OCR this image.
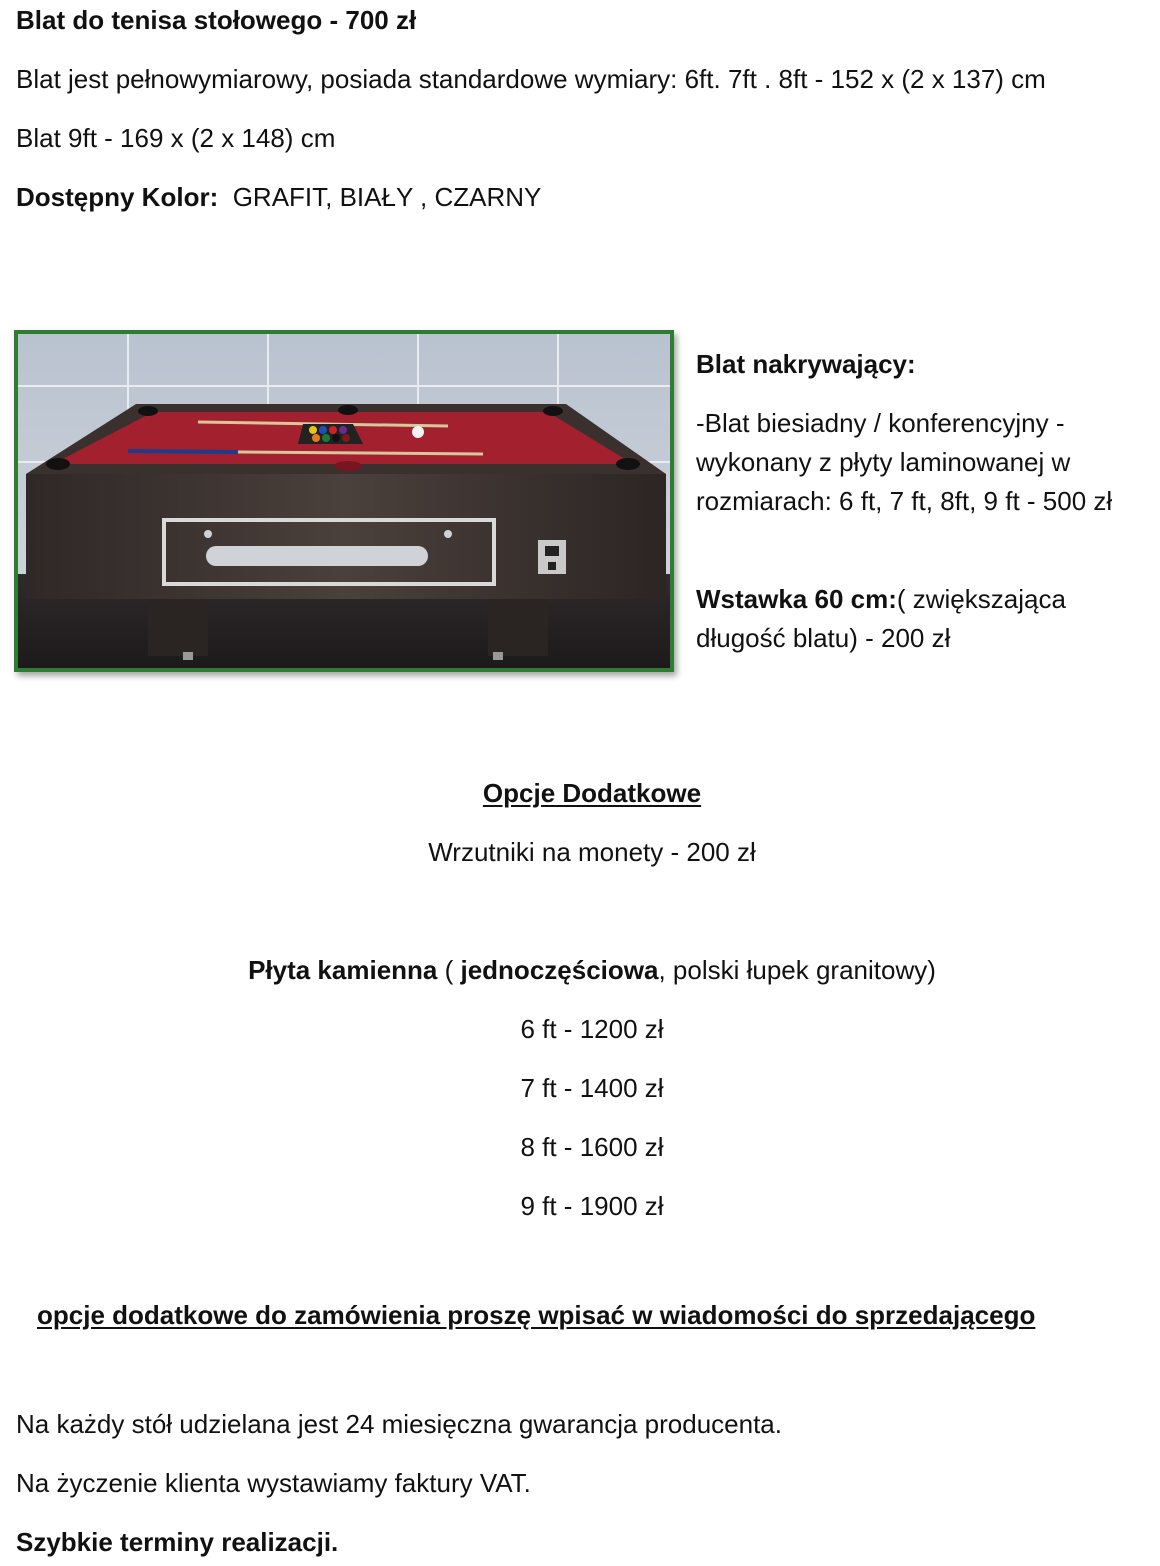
Blat do tenisa stołowego - 700 zł
Blat jest pełnowymiarowy, posiada standardowe wymiary: 6ft. 7ft . 8ft - 152 x (2 x 137) cm
Blat 9ft - 169 x (2 x 148) cm
Dostępny Kolor: GRAFIT, BIAŁY , CZARNY
Blat nakrywający:
-Blat biesiadny / konferencyjny - wykonany z płyty laminowanej w rozmiarach: 6 ft, 7 ft, 8ft, 9 ft - 500 zł
Wstawka 60 cm:( zwiększająca długość blatu) - 200 zł
Opcje Dodatkowe
Wrzutniki na monety - 200 zł
Płyta kamienna ( jednoczęściowa, polski łupek granitowy)
6 ft - 1200 zł
7 ft - 1400 zł
8 ft - 1600 zł
9 ft - 1900 zł
opcje dodatkowe do zamówienia proszę wpisać w wiadomości do sprzedającego
Na każdy stół udzielana jest 24 miesięczna gwarancja producenta.
Na życzenie klienta wystawiamy faktury VAT.
Szybkie terminy realizacji.
